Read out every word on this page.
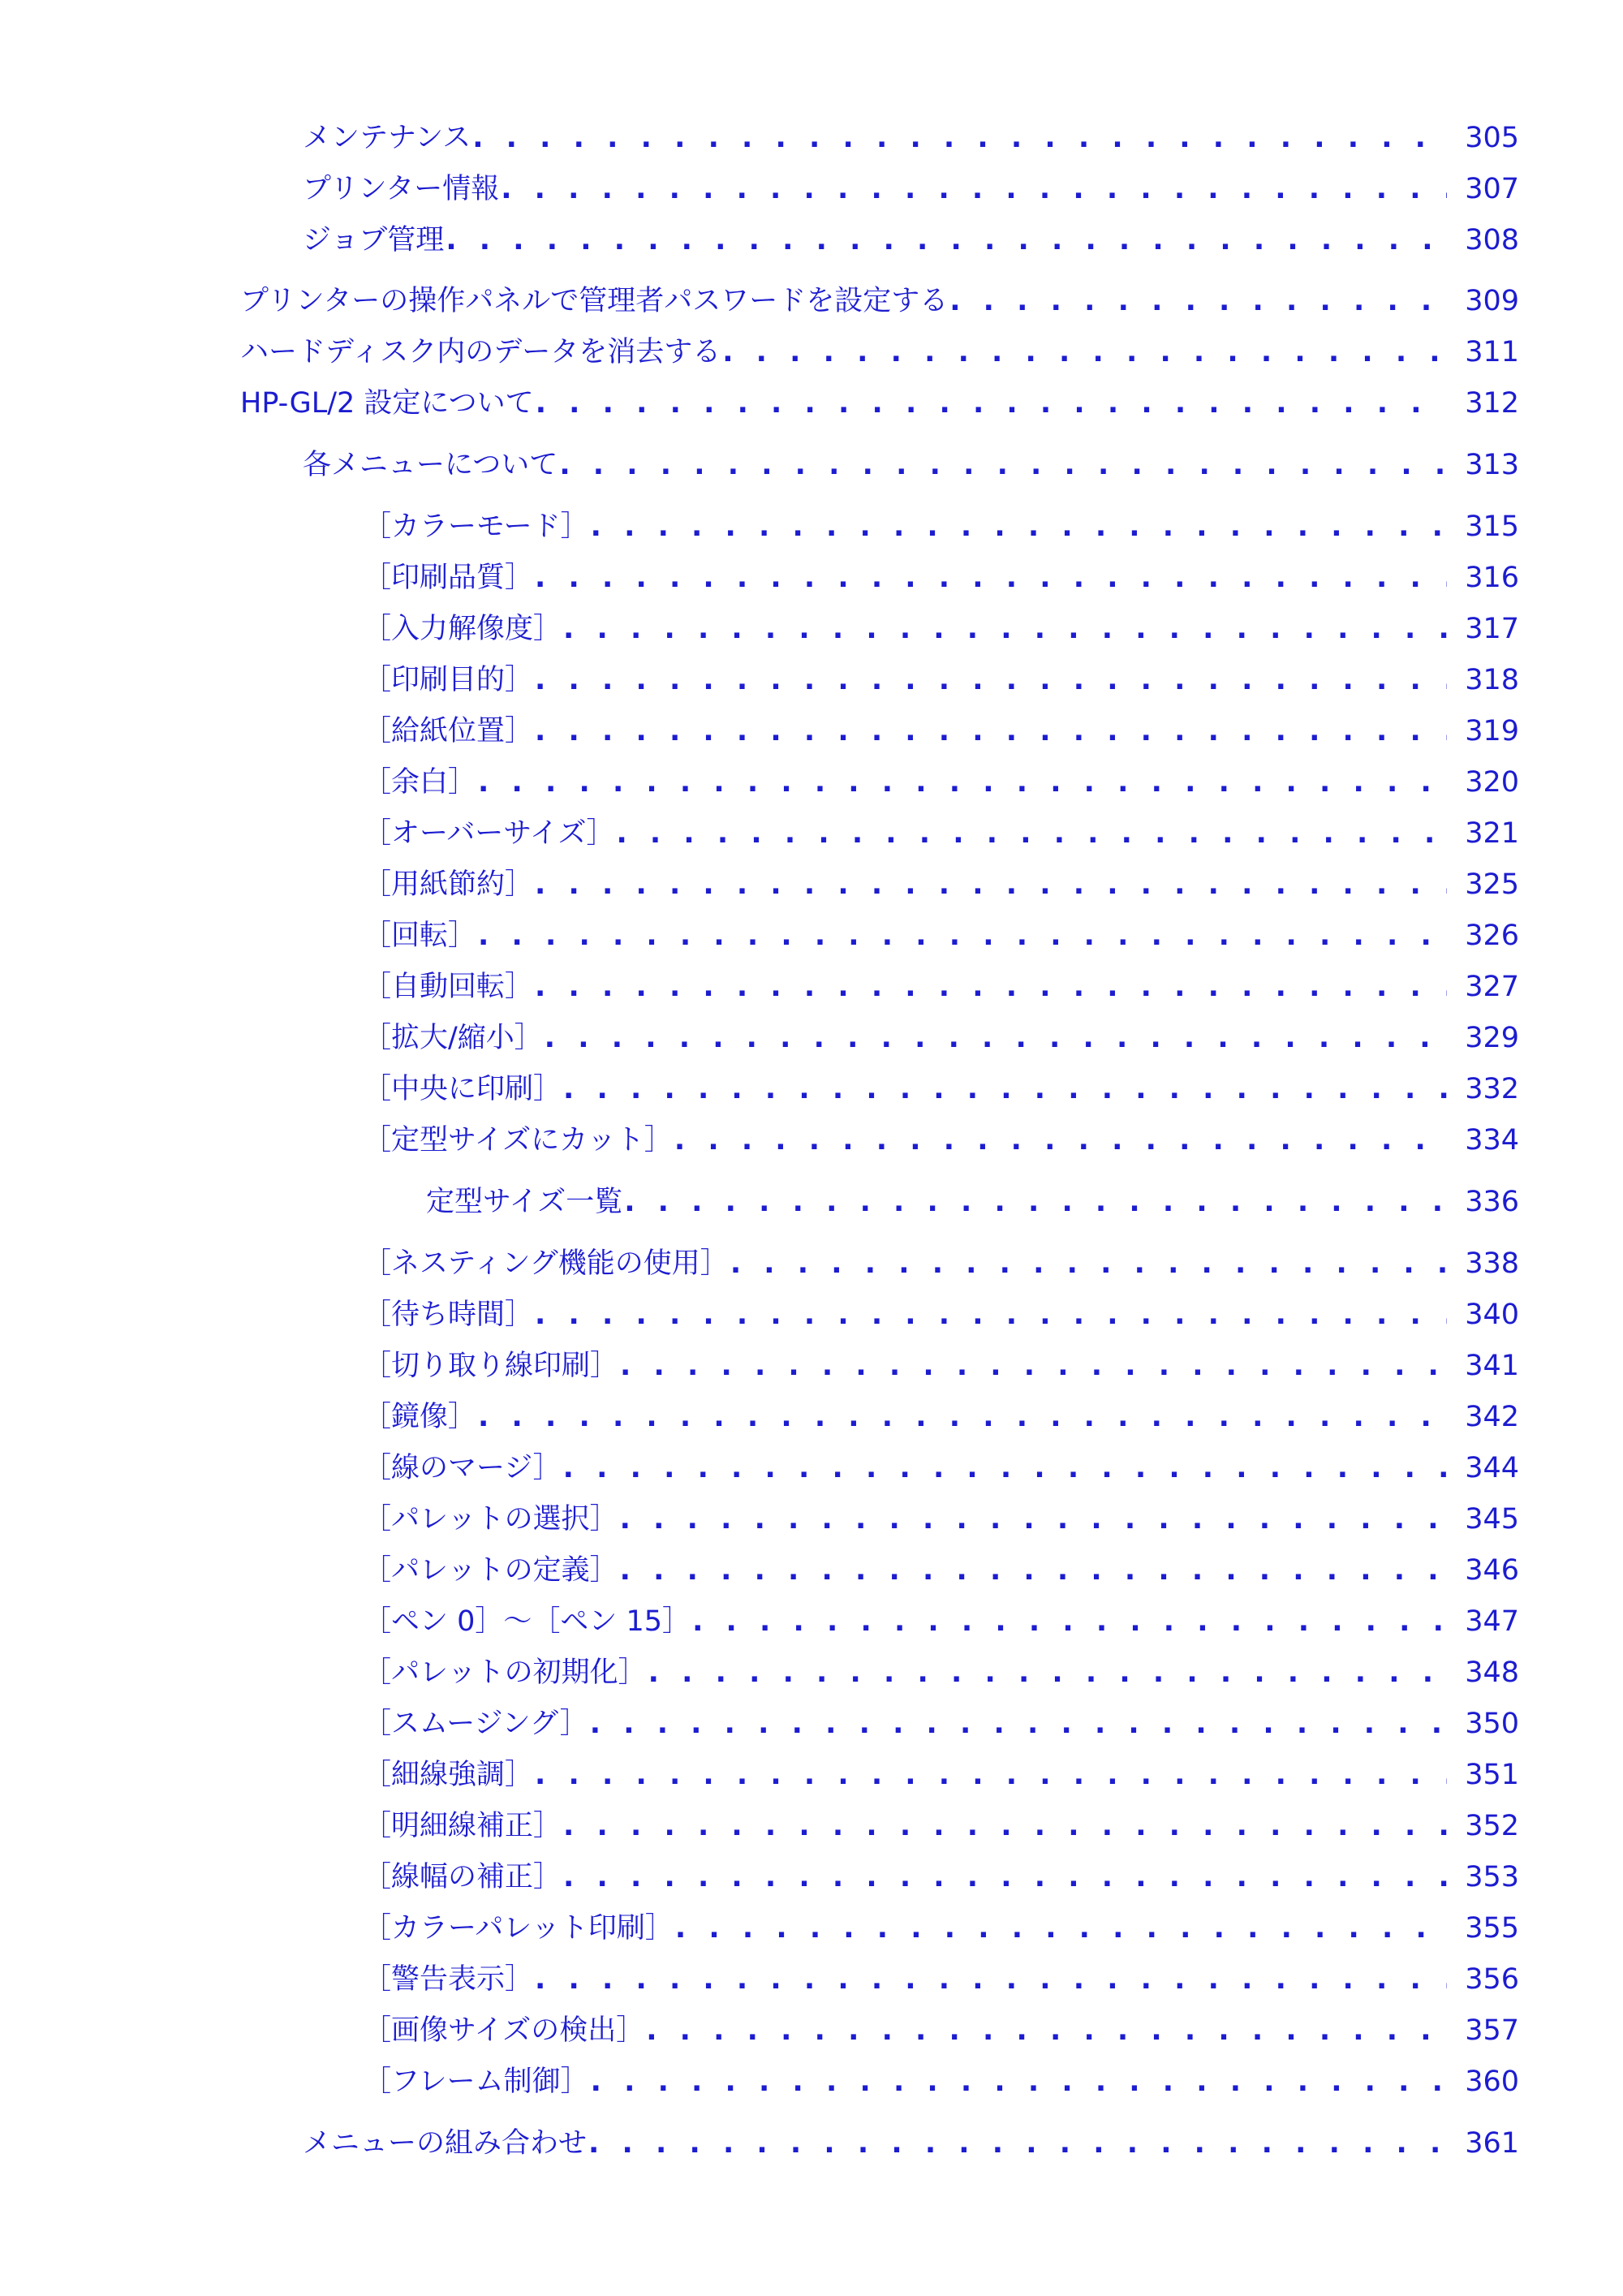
メンテナンス . . .	305
プリンター情報 . . .	307
ジョブ管理 . . .	308
プリンターの操作パネルで管理者パスワードを設定する . . .	309
ハードディスク内のデータを消去する . . .	311
HP-GL/2 設定について . . .	312
各メニューについて . . .	313
［カラーモード］ . . .	315
［印刷品質］ . . .	316
［入力解像度］ . . .	317
［印刷目的］ . . .	318
［給紙位置］ . . .	319
［余白］ . . .	320
［オーバーサイズ］ . . .	321
［用紙節約］ . . .	325
［回転］ . . .	326
［自動回転］ . . .	327
［拡大/縮小］ . . .	329
［中央に印刷］ . . .	332
［定型サイズにカット］ . . .	334
定型サイズ一覧 . . .	336
［ネスティング機能の使用］ . . .	338
［待ち時間］ . . .	340
［切り取り線印刷］ . . .	341
［鏡像］ . . .	342
［線のマージ］ . . .	344
［パレットの選択］ . . .	345
［パレットの定義］ . . .	346
［ペン 0］～［ペン 15］ . . .	347
［パレットの初期化］ . . .	348
［スムージング］ . . .	350
［細線強調］ . . .	351
［明細線補正］ . . .	352
［線幅の補正］ . . .	353
［カラーパレット印刷］ . . .	355
［警告表示］ . . .	356
［画像サイズの検出］ . . .	357
［フレーム制御］ . . .	360
メニューの組み合わせ . . .	361
